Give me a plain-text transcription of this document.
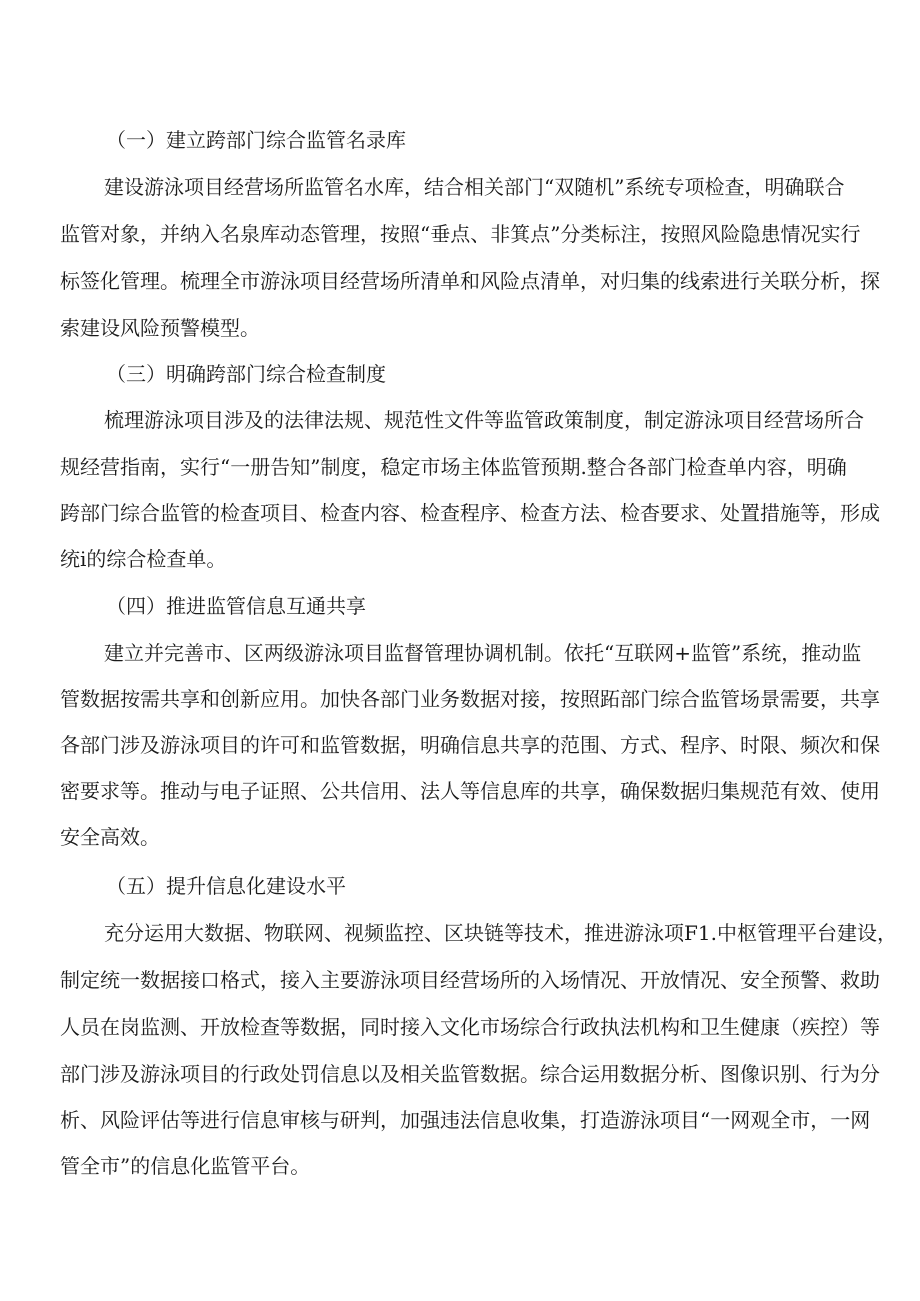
（一）建立跨部门综合监管名录库

建设游泳项目经营场所监管名水库，结合相关部门“双随机”系统专项检查，明确联合

监管对象，并纳入名泉库动态管理，按照“垂点、非箕点”分类标注，按照风险隐患情况实行

标签化管理。梳理全市游泳项目经营场所清单和风险点清单，对归集的线索进行关联分析，探

索建设风险预警模型。

（三）明确跨部门综合检查制度

梳理游泳项目涉及的法律法规、规范性文件等监管政策制度，制定游泳项目经营场所合

规经营指南，实行“一册告知”制度，稳定市场主体监管预期.整合各部门检查单内容，明确

跨部门综合监管的检查项目、检查内容、检查程序、检查方法、检杳要求、处置措施等，形成

统i的综合检查单。

（四）推进监管信息互通共享

建立并完善市、区两级游泳项目监督管理协调机制。依托“互联网+监管”系统，推动监

管数据按需共享和创新应用。加快各部门业务数据对接，按照跖部门综合监管场景需要，共享

各部门涉及游泳项目的许可和监管数据，明确信息共享的范围、方式、程序、时限、频次和保

密要求等。推动与电子证照、公共信用、法人等信息库的共享，确保数据归集规范有效、使用

安全高效。

（五）提升信息化建设水平

充分运用大数据、物联网、视频监控、区块链等技术，推进游泳项F1.中枢管理平台建设，

制定统一数据接口格式，接入主要游泳项目经营场所的入场情况、开放情况、安全预警、救助

人员在岗监测、开放检查等数据，同时接入文化市场综合行政执法机构和卫生健康（疾控）等

部门涉及游泳项目的行政处罚信息以及相关监管数据。综合运用数据分析、图像识别、行为分

析、风险评估等进行信息审核与研判，加强违法信息收集，打造游泳项目“一网观全市，一网

管全市”的信息化监管平台。
